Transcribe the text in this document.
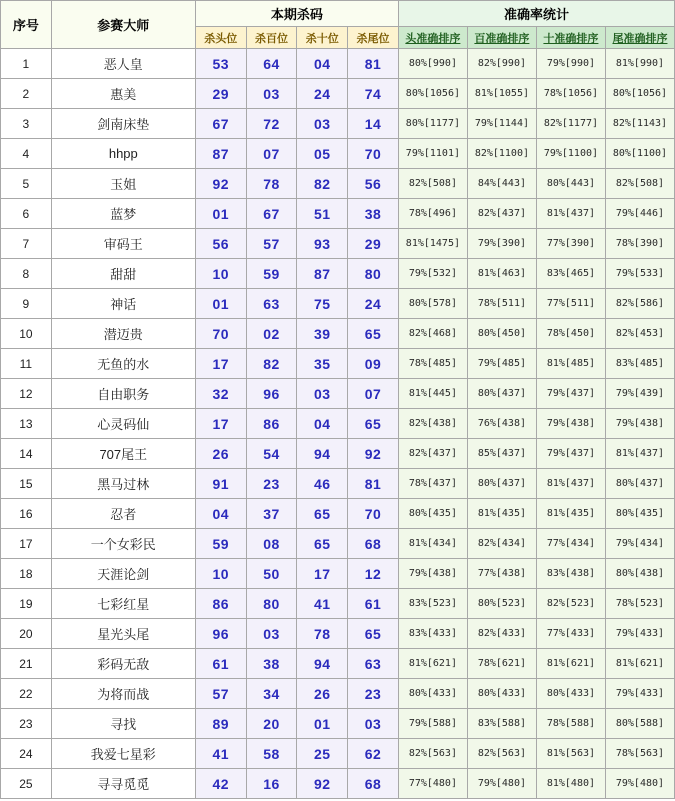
序号	参赛大师	本期杀码				准确率统计			
		杀头位	杀百位	杀十位	杀尾位	头准确排序	百准确排序	十准确排序	尾准确排序
1	恶人皇	53	64	04	81	80%[990]	82%[990]	79%[990]	81%[990]
2	惠美	29	03	24	74	80%[1056]	81%[1055]	78%[1056]	80%[1056]
3	剑南床垫	67	72	03	14	80%[1177]	79%[1144]	82%[1177]	82%[1143]
4	hhpp	87	07	05	70	79%[1101]	82%[1100]	79%[1100]	80%[1100]
5	玉姐	92	78	82	56	82%[508]	84%[443]	80%[443]	82%[508]
6	蓝梦	01	67	51	38	78%[496]	82%[437]	81%[437]	79%[446]
7	审码王	56	57	93	29	81%[1475]	79%[390]	77%[390]	78%[390]
8	甜甜	10	59	87	80	79%[532]	81%[463]	83%[465]	79%[533]
9	神话	01	63	75	24	80%[578]	78%[511]	77%[511]	82%[586]
10	潜迈贵	70	02	39	65	82%[468]	80%[450]	78%[450]	82%[453]
11	无鱼的水	17	82	35	09	78%[485]	79%[485]	81%[485]	83%[485]
12	自由职务	32	96	03	07	81%[445]	80%[437]	79%[437]	79%[439]
13	心灵码仙	17	86	04	65	82%[438]	76%[438]	79%[438]	79%[438]
14	707尾王	26	54	94	92	82%[437]	85%[437]	79%[437]	81%[437]
15	黑马过林	91	23	46	81	78%[437]	80%[437]	81%[437]	80%[437]
16	忍者	04	37	65	70	80%[435]	81%[435]	81%[435]	80%[435]
17	一个女彩民	59	08	65	68	81%[434]	82%[434]	77%[434]	79%[434]
18	天涯论剑	10	50	17	12	79%[438]	77%[438]	83%[438]	80%[438]
19	七彩红星	86	80	41	61	83%[523]	80%[523]	82%[523]	78%[523]
20	星光头尾	96	03	78	65	83%[433]	82%[433]	77%[433]	79%[433]
21	彩码无敌	61	38	94	63	81%[621]	78%[621]	81%[621]	81%[621]
22	为将而战	57	34	26	23	80%[433]	80%[433]	80%[433]	79%[433]
23	寻找	89	20	01	03	79%[588]	83%[588]	78%[588]	80%[588]
24	我爱七星彩	41	58	25	62	82%[563]	82%[563]	81%[563]	78%[563]
25	寻寻觅觅	42	16	92	68	77%[480]	79%[480]	81%[480]	79%[480]
